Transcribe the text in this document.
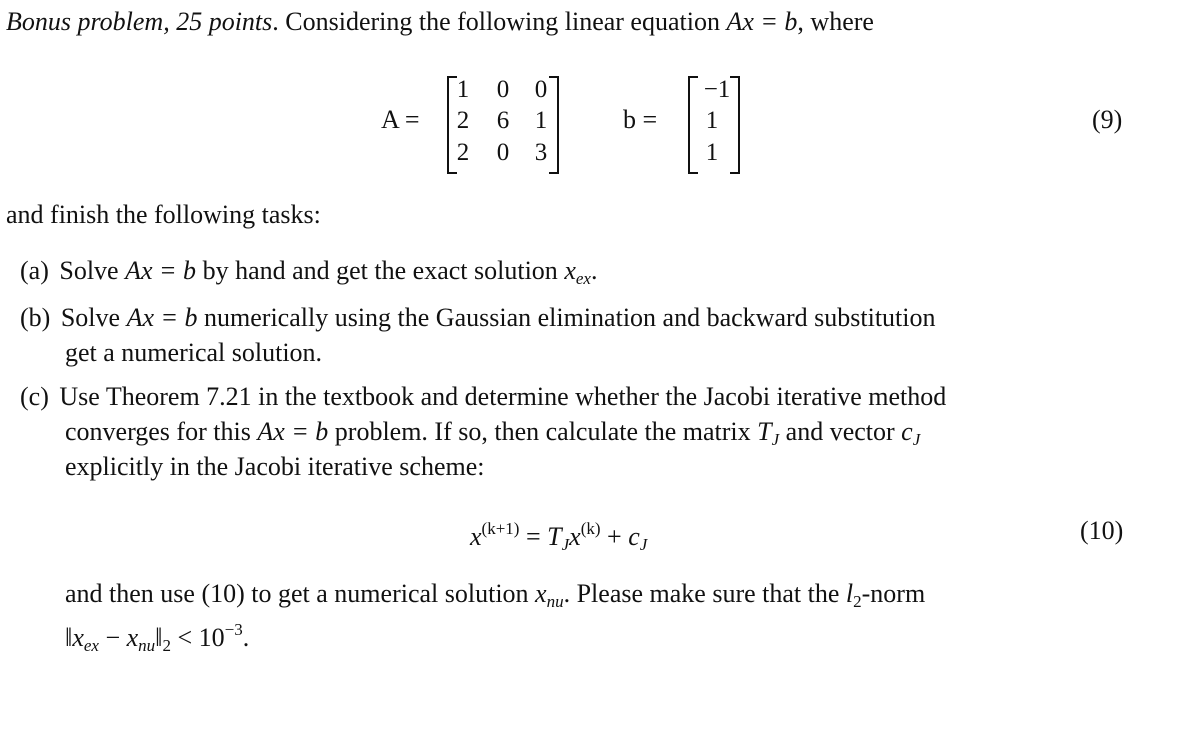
Bonus problem, 25 points. Considering the following linear equation Ax = b, where
A =
1 0 0
2 6 1
2 0 3
b =
−1
1
1
(9)
and finish the following tasks:
(a) Solve Ax = b by hand and get the exact solution $x_{ex}$.
(b) Solve Ax = b numerically using the Gaussian elimination and backward substitution
get a numerical solution.
(c) Use Theorem 7.21 in the textbook and determine whether the Jacobi iterative method
converges for this Ax = b problem. If so, then calculate the matrix $T_J$ and vector $c_J$
explicitly in the Jacobi iterative scheme:
$x^{(k+1)} = T_Jx^{(k)} + c_J$	(10)
and then use (10) to get a numerical solution $x_{nu}$. Please make sure that the $l_2$-norm
$‖x_{ex}$ − $x_{nu}‖_2 < 10^{-3}$.
